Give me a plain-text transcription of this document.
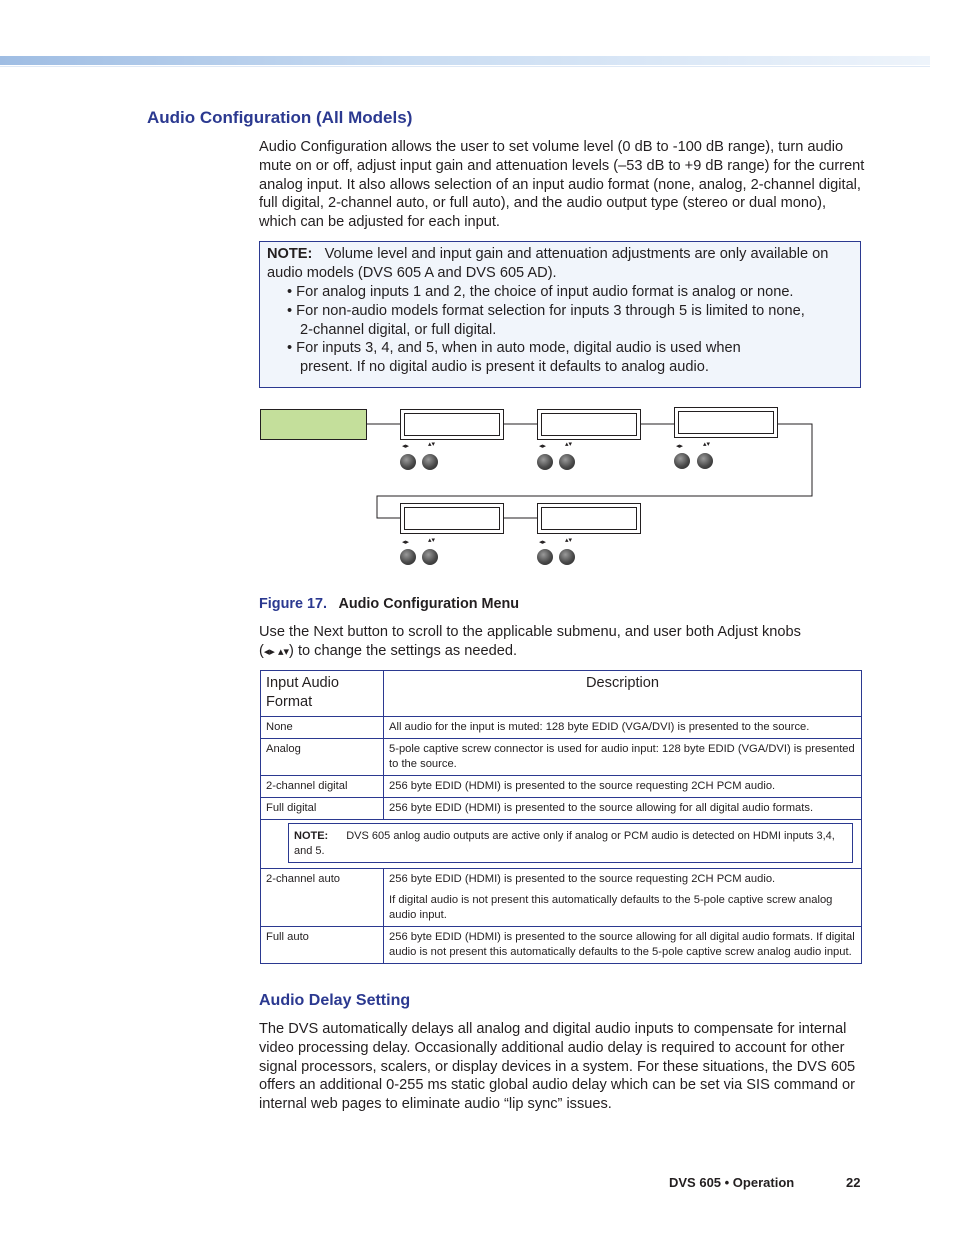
Audio Configuration (All Models)

Audio Configuration allows the user to set volume level (0 dB to -100 dB range), turn audio mute on or off, adjust input gain and attenuation levels (–53 dB to +9 dB range) for the current analog input. It also allows selection of an input audio format (none, analog, 2-channel digital, full digital, 2-channel auto, or full auto), and the audio output type (stereo or dual mono), which can be adjusted for each input.

NOTE: Volume level and input gain and attenuation adjustments are only available on audio models (DVS 605 A and DVS 605 AD).

• For analog inputs 1 and 2, the choice of input audio format is analog or none.

• For non-audio models format selection for inputs 3 through 5 is limited to none, 2-channel digital, or full digital.

• For inputs 3, 4, and 5, when in auto mode, digital audio is used when present. If no digital audio is present it defaults to analog audio.

◂▸	▴▾	◂▸	▴▾	◂▸	▴▾
◂▸	▴▾	◂▸	▴▾
Figure 17. Audio Configuration Menu

Use the Next button to scroll to the applicable submenu, and user both Adjust knobs
(◂▸ ▴▾) to change the settings as needed.

Input Audio Format	Description
None	All audio for the input is muted: 128 byte EDID (VGA/DVI) is presented to the source.
Analog	5-pole captive screw connector is used for audio input: 128 byte EDID (VGA/DVI) is presented to the source.
2-channel digital	256 byte EDID (HDMI) is presented to the source requesting 2CH PCM audio.
Full digital	256 byte EDID (HDMI) is presented to the source allowing for all digital audio formats.

NOTE: DVS 605 anlog audio outputs are active only if analog or PCM audio is detected on HDMI inputs 3,4, and 5.	

2-channel auto	256 byte EDID (HDMI) is presented to the source requesting 2CH PCM audio.
If digital audio is not present this automatically defaults to the 5-pole captive screw analog audio input.

Full auto	256 byte EDID (HDMI) is presented to the source allowing for all digital audio formats. If digital audio is not present this automatically defaults to the 5-pole captive screw analog audio input.
Audio Delay Setting

The DVS automatically delays all analog and digital audio inputs to compensate for internal video processing delay. Occasionally additional audio delay is required to account for other signal processors, scalers, or display devices in a system. For these situations, the DVS 605 offers an additional 0-255 ms static global audio delay which can be set via SIS command or internal web pages to eliminate audio “lip sync” issues.

DVS 605 • Operation	22
